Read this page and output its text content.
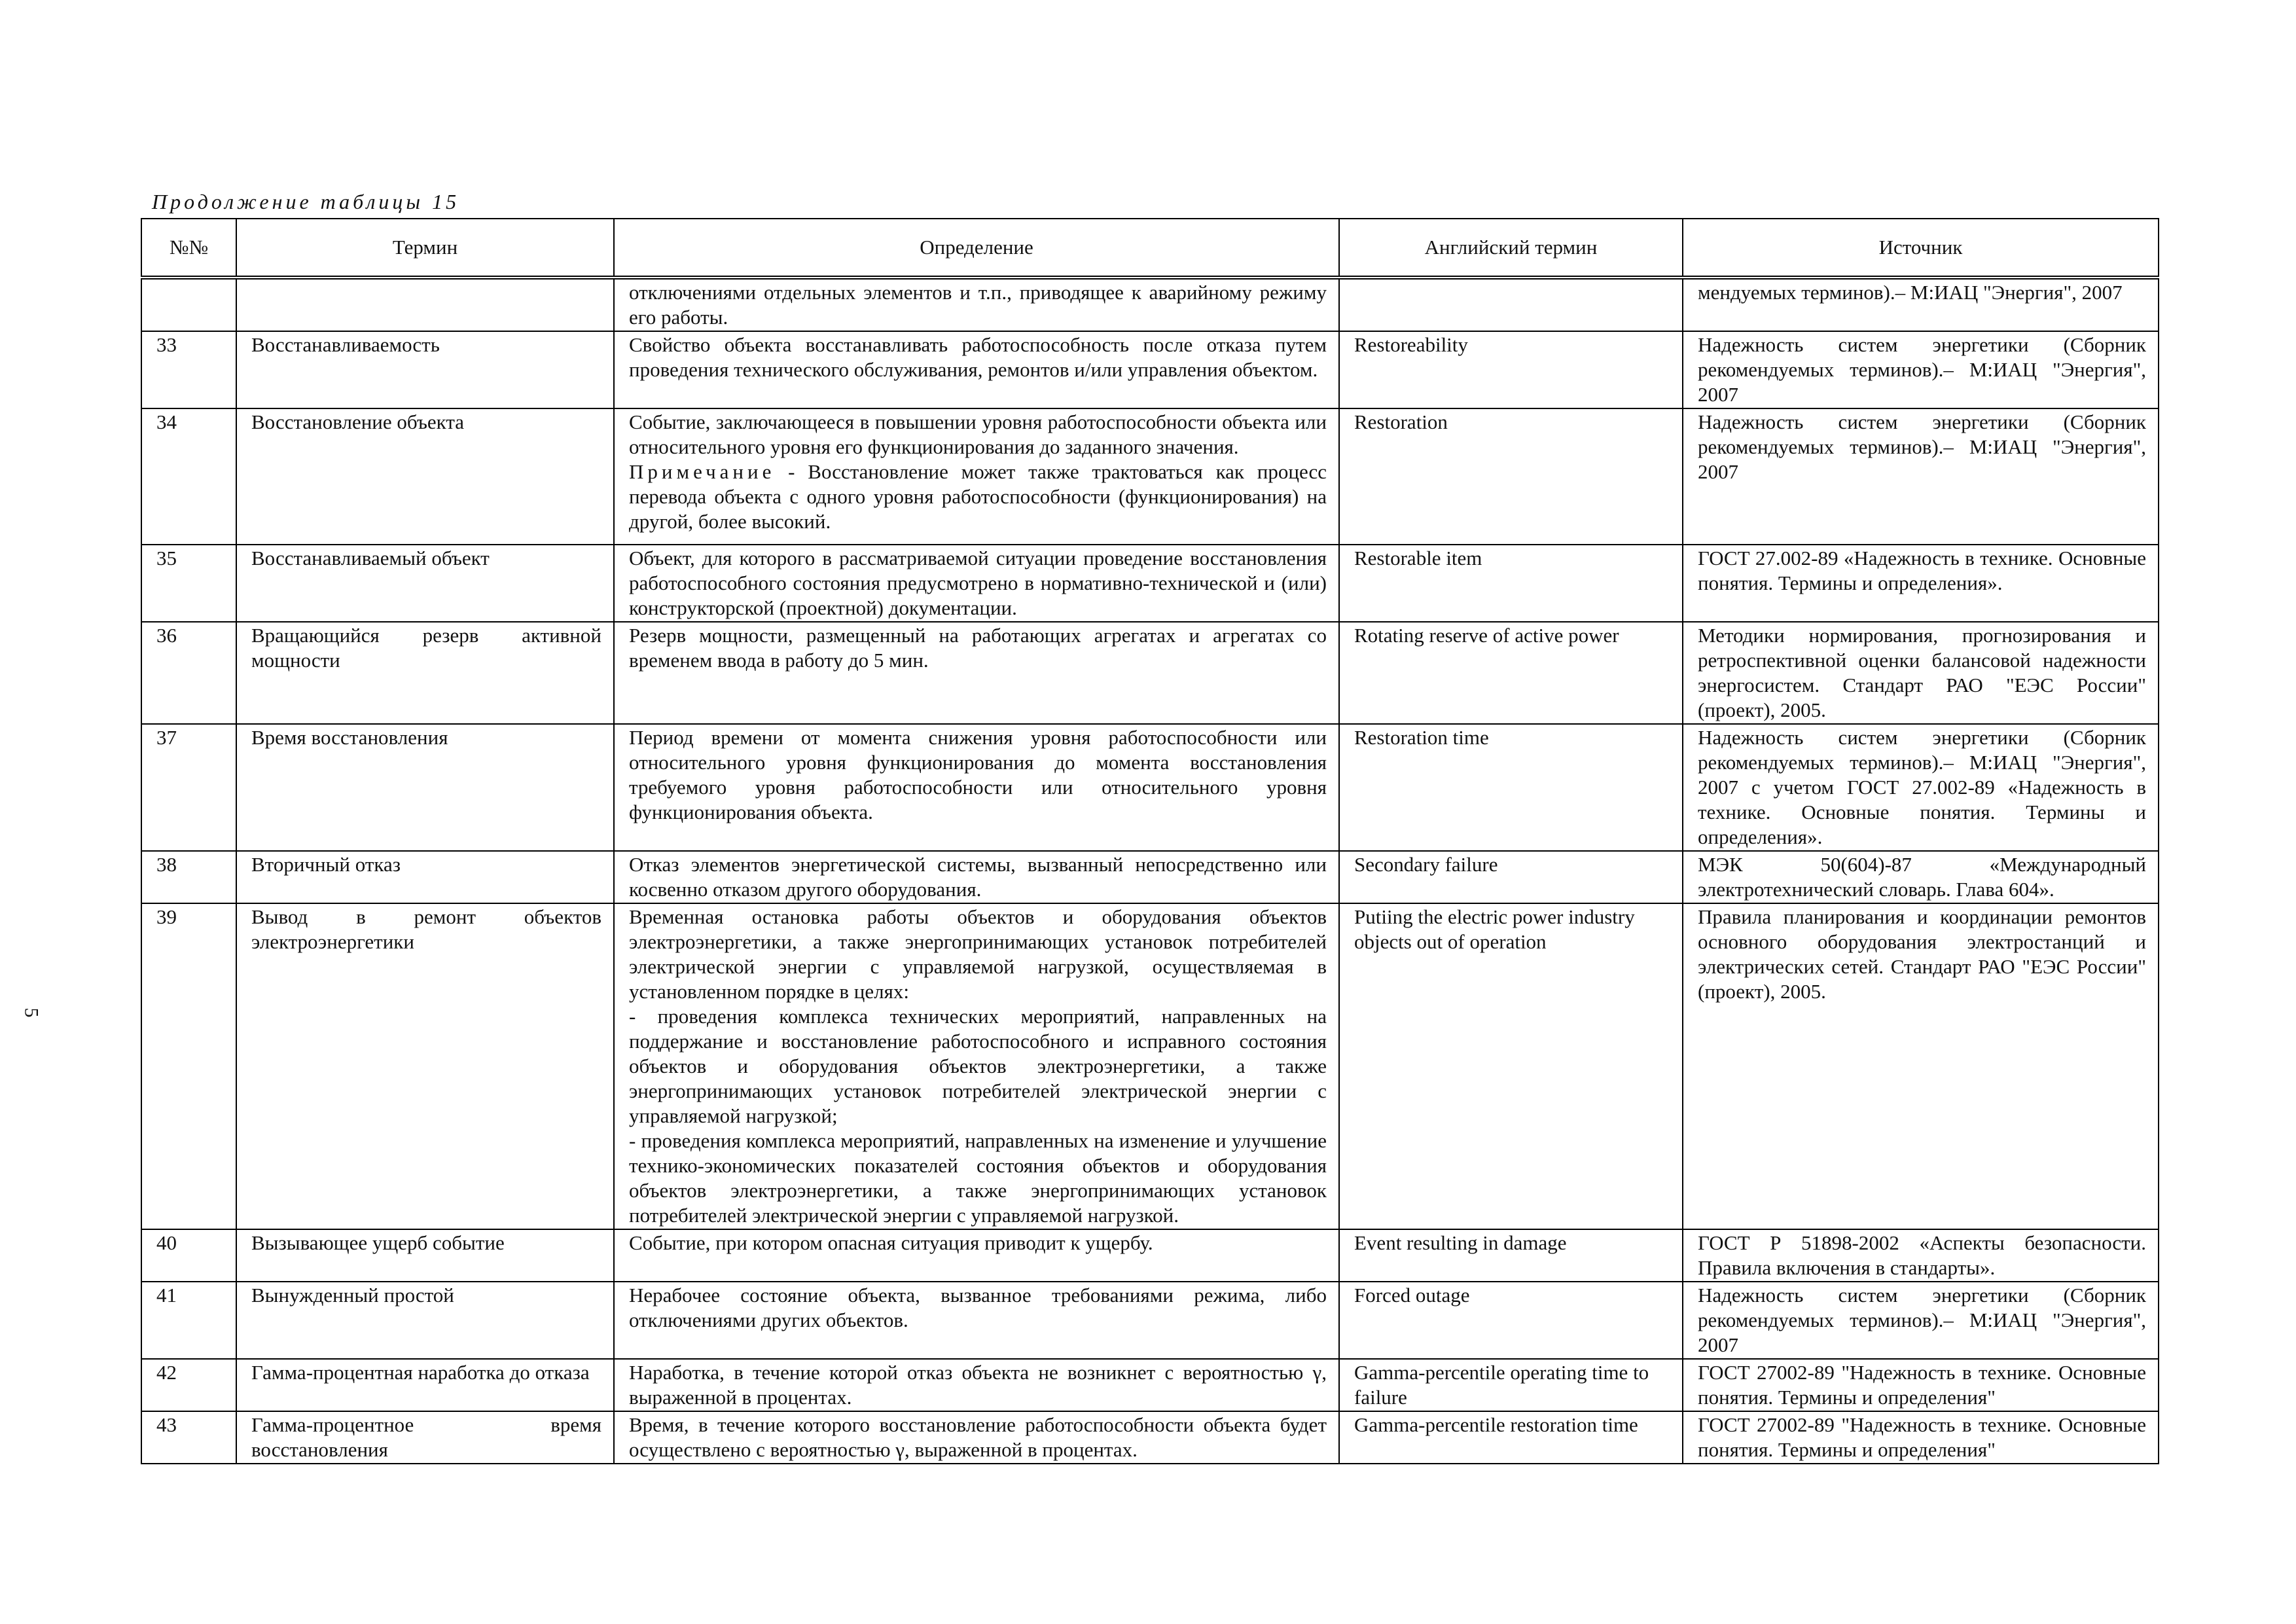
Продолжение таблицы 15
5
№№	Термин	Определение	Английский термин	Источник

		отключениями отдельных элементов и т.п., приводящее к аварийному режиму его работы.		мендуемых терминов).– М:ИАЦ "Энергия", 2007
33	Восстанавливаемость	Свойство объекта восстанавливать работоспособность после отказа путем проведения технического обслуживания, ремонтов и/или управления объектом.	Restoreability	Надежность систем энергетики (Сборник рекомендуемых терминов).– М:ИАЦ "Энергия", 2007
34	Восстановление объекта	Событие, заключающееся в повышении уровня работоспособности объекта или относительного уровня его функционирования до заданного значения.
Примечание - Восстановление может также трактоваться как процесс перевода объекта с одного уровня работоспособности (функционирования) на другой, более высокий.	Restoration	Надежность систем энергетики (Сборник рекомендуемых терминов).– М:ИАЦ "Энергия", 2007
35	Восстанавливаемый объект	Объект, для которого в рассматриваемой ситуации проведение восстановления работоспособного состояния предусмотрено в нормативно-технической и (или) конструкторской (проектной) документации.	Restorable item	ГОСТ 27.002-89 «Надежность в технике. Основные понятия. Термины и определения».
36	Вращающийся резерв активной мощности	Резерв мощности, размещенный на работающих агрегатах и агрегатах со временем ввода в работу до 5 мин.	Rotating reserve of active power	Методики нормирования, прогнозирования и ретроспективной оценки балансовой надежности энергосистем. Стандарт РАО "ЕЭС России" (проект), 2005.
37	Время восстановления	Период времени от момента снижения уровня работоспособности или относительного уровня функционирования до момента восстановления требуемого уровня работоспособности или относительного уровня функционирования объекта.	Restoration time	Надежность систем энергетики (Сборник рекомендуемых терминов).– М:ИАЦ "Энергия", 2007 с учетом ГОСТ 27.002-89 «Надежность в технике. Основные понятия. Термины и определения».
38	Вторичный отказ	Отказ элементов энергетической системы, вызванный непосредственно или косвенно отказом другого оборудования.	Secondary failure	МЭК 50(604)-87 «Международный электротехнический словарь. Глава 604».
39	Вывод в ремонт объектов электроэнергетики	Временная остановка работы объектов и оборудования объектов электроэнергетики, а также энергопринимающих установок потребителей электрической энергии с управляемой нагрузкой, осуществляемая в установленном порядке в целях:
- проведения комплекса технических мероприятий, направленных на поддержание и восстановление работоспособного и исправного состояния объектов и оборудования объектов электроэнергетики, а также энергопринимающих установок потребителей электрической энергии с управляемой нагрузкой;
- проведения комплекса мероприятий, направленных на изменение и улучшение технико-экономических показателей состояния объектов и оборудования объектов электроэнергетики, а также энергопринимающих установок потребителей электрической энергии с управляемой нагрузкой.	Putiing the electric power industry objects out of operation	Правила планирования и координации ремонтов основного оборудования электростанций и электрических сетей. Стандарт РАО "ЕЭС России" (проект), 2005.
40	Вызывающее ущерб событие	Событие, при котором опасная ситуация приводит к ущербу.	Event resulting in damage	ГОСТ Р 51898-2002 «Аспекты безопасности. Правила включения в стандарты».
41	Вынужденный простой	Нерабочее состояние объекта, вызванное требованиями режима, либо отключениями других объектов.	Forced outage	Надежность систем энергетики (Сборник рекомендуемых терминов).– М:ИАЦ "Энергия", 2007
42	Гамма-процентная наработка до отказа	Наработка, в течение которой отказ объекта не возникнет с вероятностью γ, выраженной в процентах.	Gamma-percentile operating time to failure	ГОСТ 27002-89 "Надежность в технике. Основные понятия. Термины и определения"
43	Гамма-процентное время восстановления	Время, в течение которого восстановление работоспособности объекта будет осуществлено с вероятностью γ, выраженной в процентах.	Gamma-percentile restoration time	ГОСТ 27002-89 "Надежность в технике. Основные понятия. Термины и определения"
